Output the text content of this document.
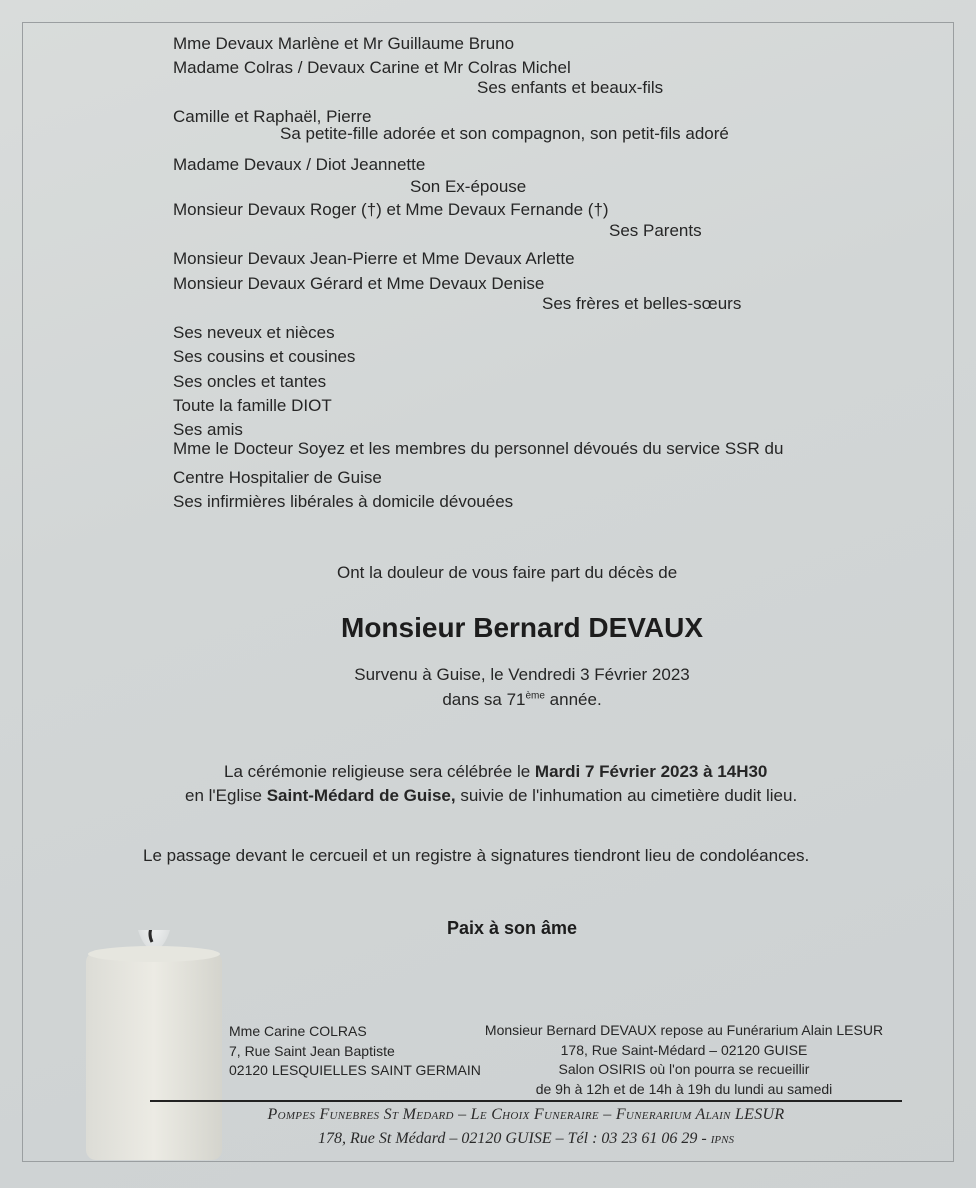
Mme Devaux Marlène et Mr Guillaume Bruno
Madame Colras / Devaux Carine et Mr Colras Michel
Ses enfants et beaux-fils
Camille et Raphaël, Pierre
Sa petite-fille adorée et son compagnon, son petit-fils adoré
Madame Devaux / Diot Jeannette
Son Ex-épouse
Monsieur Devaux Roger (†) et Mme Devaux Fernande (†)
Ses Parents
Monsieur Devaux Jean-Pierre et Mme Devaux Arlette
Monsieur Devaux Gérard et Mme Devaux Denise
Ses frères et belles-sœurs
Ses neveux et nièces
Ses cousins et cousines
Ses oncles et tantes
Toute la famille DIOT
Ses amis
Mme le Docteur Soyez et les membres du personnel dévoués du service SSR du
Centre Hospitalier de Guise
Ses infirmières libérales à domicile dévouées
Ont la douleur de vous faire part du décès de
Monsieur Bernard DEVAUX
Survenu à Guise, le Vendredi 3 Février 2023
dans sa 71ème année.
La cérémonie religieuse sera célébrée le Mardi 7 Février 2023 à 14H30
en l'Eglise Saint-Médard de Guise, suivie de l'inhumation au cimetière dudit lieu.
Le passage devant le cercueil et un registre à signatures tiendront lieu de condoléances.
Paix à son âme
Mme Carine COLRAS
7, Rue Saint Jean Baptiste
02120 LESQUIELLES SAINT GERMAIN
Monsieur Bernard DEVAUX repose au Funérarium Alain LESUR
178, Rue Saint-Médard – 02120 GUISE
Salon OSIRIS où l'on pourra se recueillir
de 9h à 12h et de 14h à 19h du lundi au samedi
Pompes Funebres St Medard – Le Choix Funeraire – Funerarium Alain LESUR
178, Rue St Médard – 02120 GUISE – Tél : 03 23 61 06 29 - IPNS
